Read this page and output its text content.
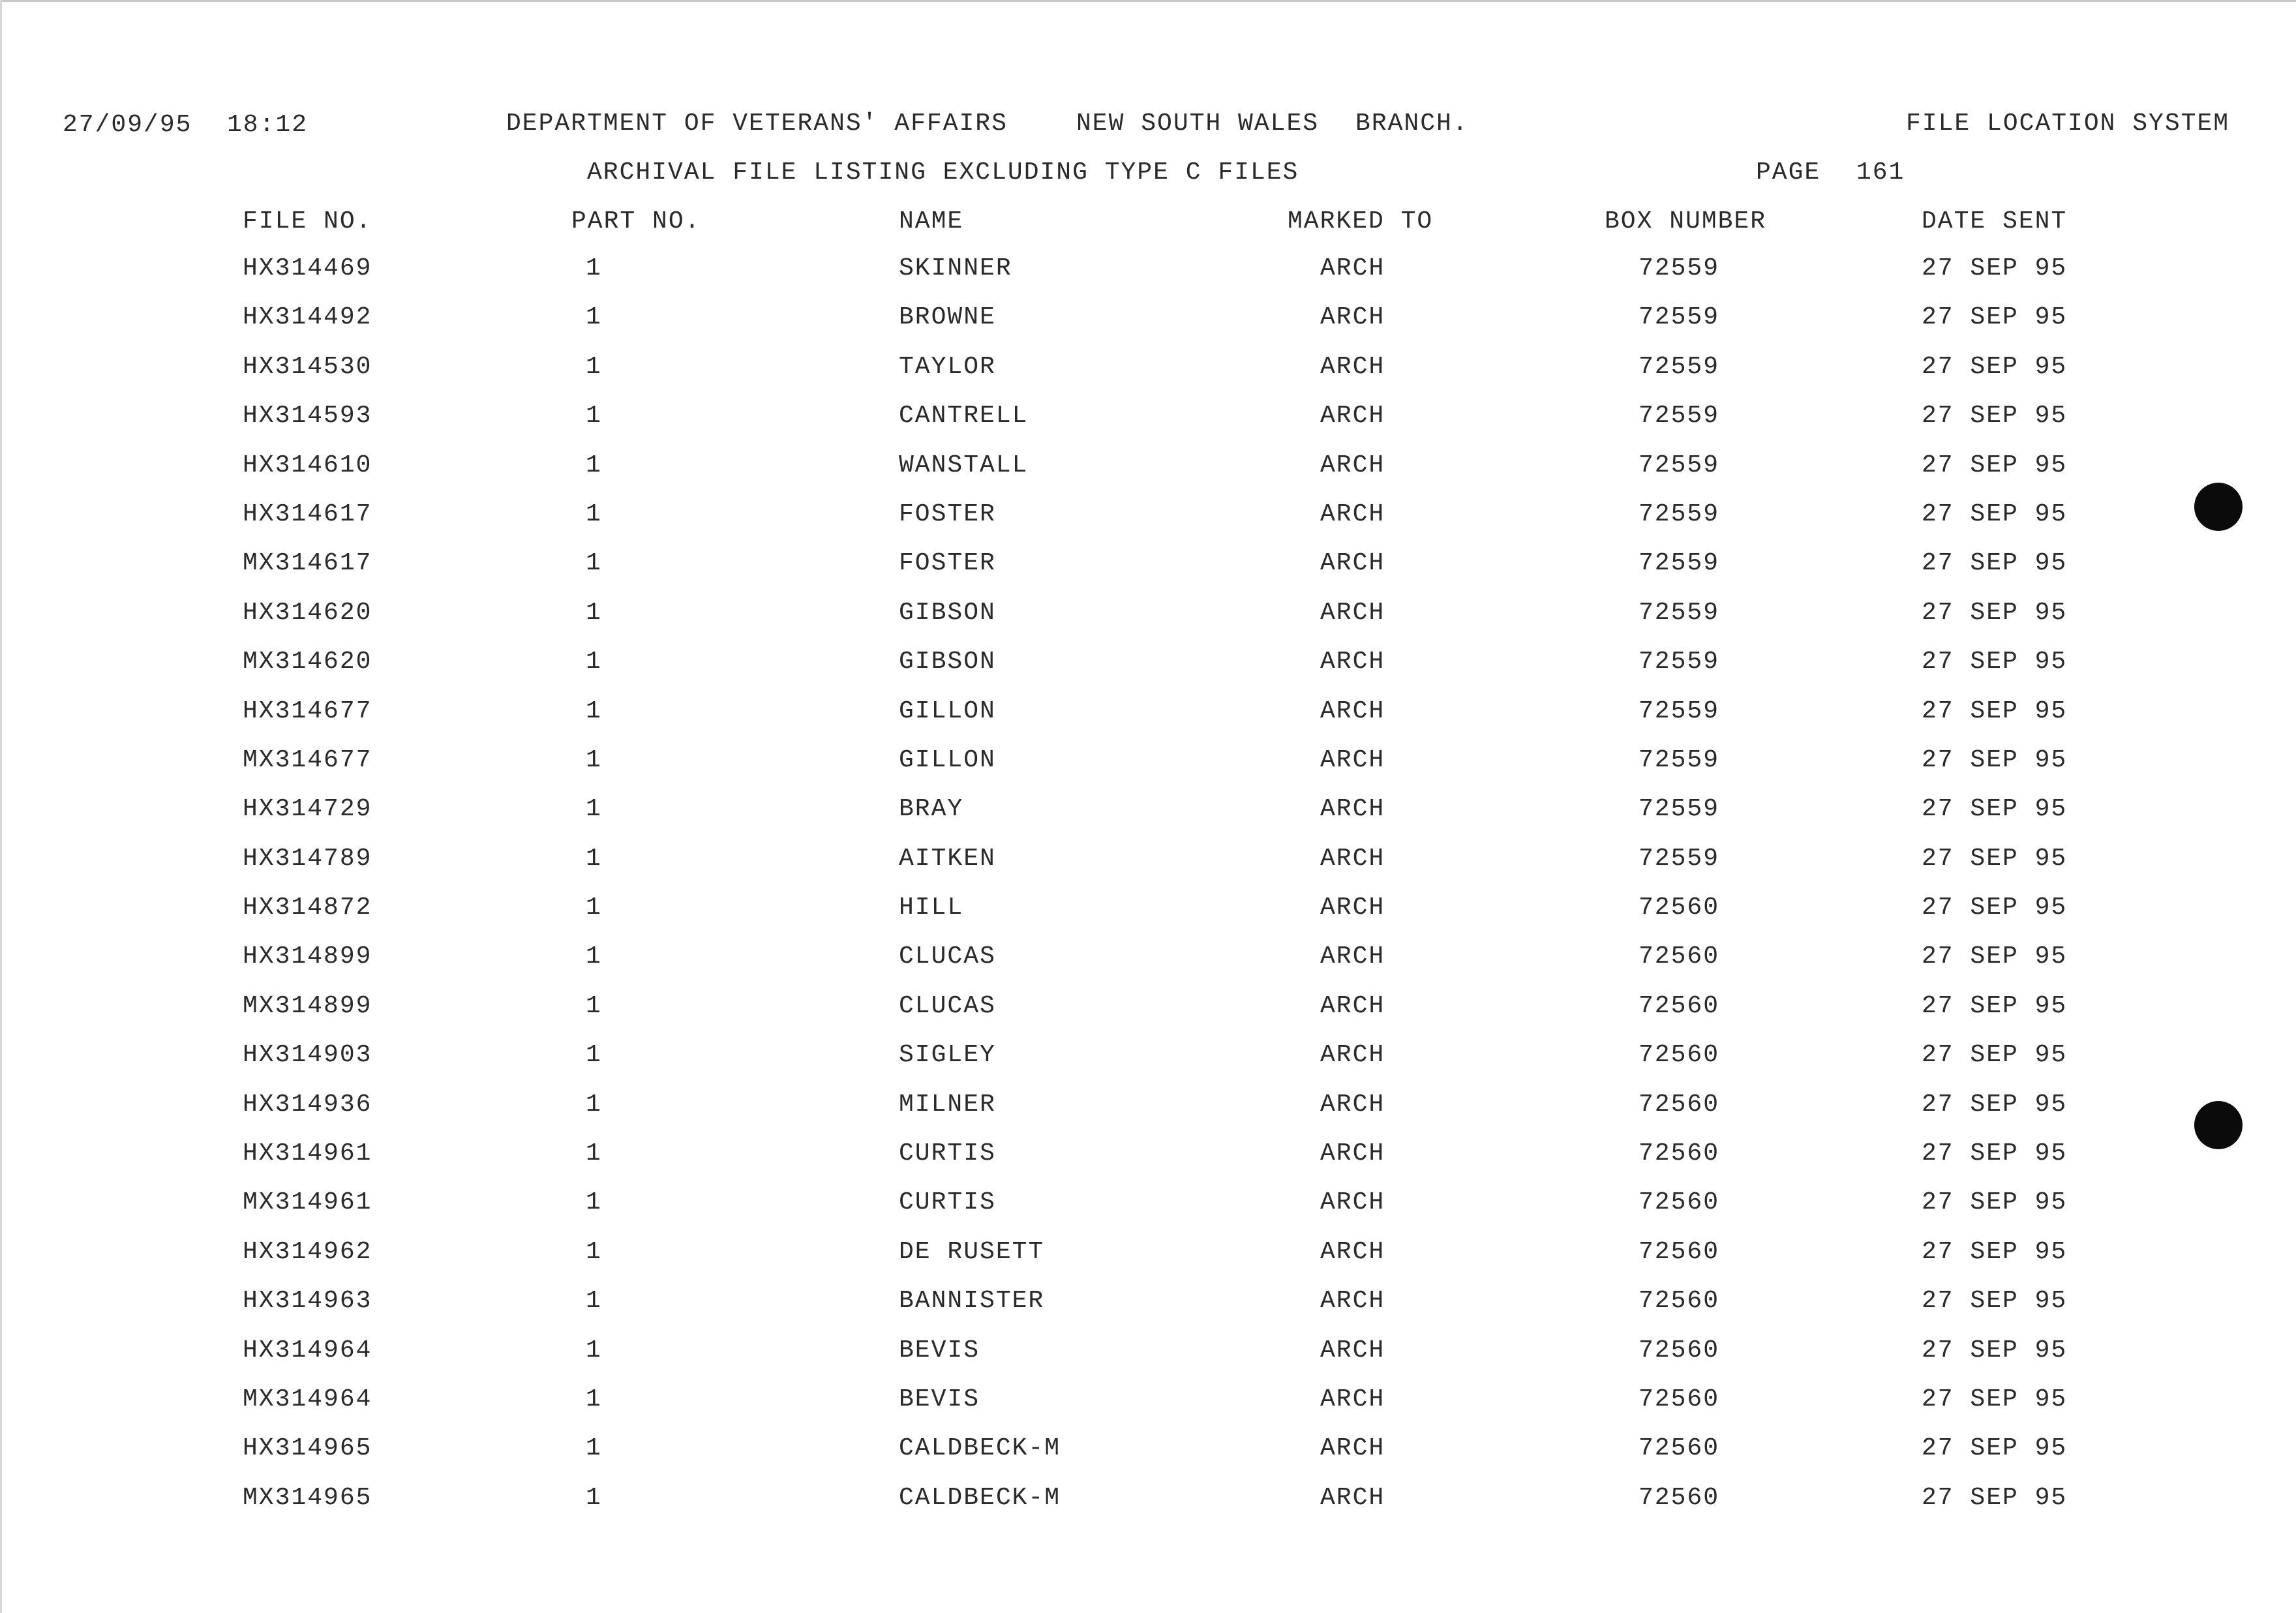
27/09/95 18:12	DEPARTMENT OF VETERANS' AFFAIRS	NEW SOUTH WALES BRANCH.	FILE LOCATION SYSTEM
ARCHIVAL FILE LISTING EXCLUDING TYPE C FILES	PAGE 161
FILE NO.	PART NO.	NAME	MARKED TO	BOX NUMBER	DATE SENT
HX314469	1	SKINNER	ARCH	72559	27 SEP 95
HX314492	1	BROWNE	ARCH	72559	27 SEP 95
HX314530	1	TAYLOR	ARCH	72559	27 SEP 95
HX314593	1	CANTRELL	ARCH	72559	27 SEP 95
HX314610	1	WANSTALL	ARCH	72559	27 SEP 95
HX314617	1	FOSTER	ARCH	72559	27 SEP 95
MX314617	1	FOSTER	ARCH	72559	27 SEP 95
HX314620	1	GIBSON	ARCH	72559	27 SEP 95
MX314620	1	GIBSON	ARCH	72559	27 SEP 95
HX314677	1	GILLON	ARCH	72559	27 SEP 95
MX314677	1	GILLON	ARCH	72559	27 SEP 95
HX314729	1	BRAY	ARCH	72559	27 SEP 95
HX314789	1	AITKEN	ARCH	72559	27 SEP 95
HX314872	1	HILL	ARCH	72560	27 SEP 95
HX314899	1	CLUCAS	ARCH	72560	27 SEP 95
MX314899	1	CLUCAS	ARCH	72560	27 SEP 95
HX314903	1	SIGLEY	ARCH	72560	27 SEP 95
HX314936	1	MILNER	ARCH	72560	27 SEP 95
HX314961	1	CURTIS	ARCH	72560	27 SEP 95
MX314961	1	CURTIS	ARCH	72560	27 SEP 95
HX314962	1	DE RUSETT	ARCH	72560	27 SEP 95
HX314963	1	BANNISTER	ARCH	72560	27 SEP 95
HX314964	1	BEVIS	ARCH	72560	27 SEP 95
MX314964	1	BEVIS	ARCH	72560	27 SEP 95
HX314965	1	CALDBECK-M	ARCH	72560	27 SEP 95
MX314965	1	CALDBECK-M	ARCH	72560	27 SEP 95
